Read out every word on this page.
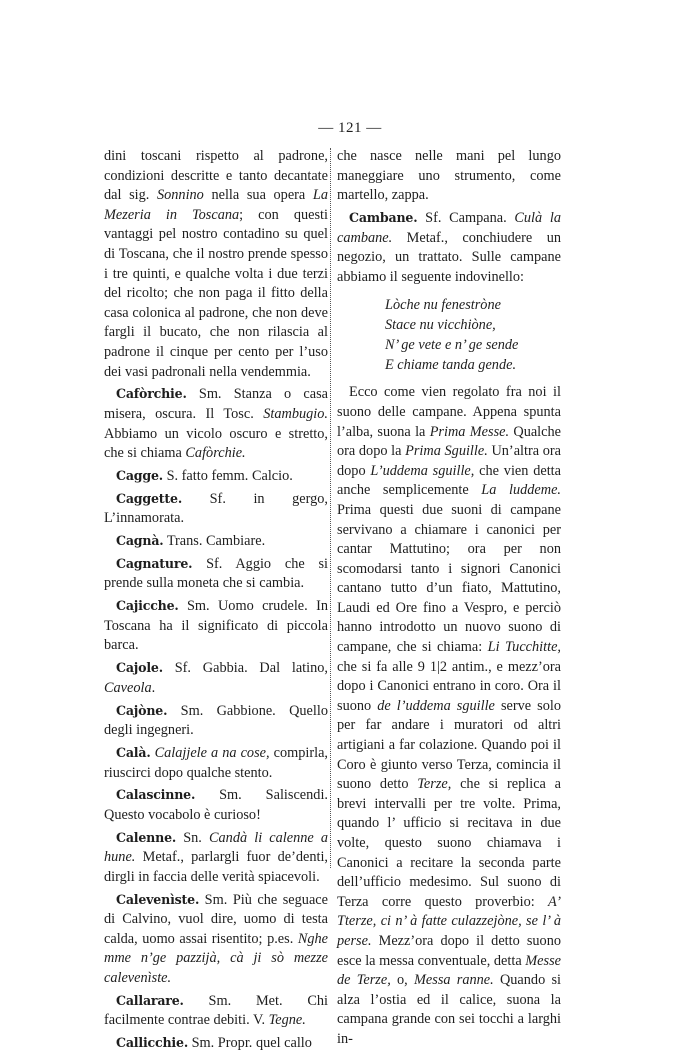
— 121 —

dini toscani rispetto al padrone, condizioni descritte e tanto decantate dal sig. Sonnino nella sua opera La Mezeria in Toscana; con questi vantaggi pel nostro contadino su quel di Toscana, che il nostro prende spesso i tre quinti, e qualche volta i due terzi del ricolto; che non paga il fitto della casa colonica al padrone, che non deve fargli il bucato, che non rilascia al padrone il cinque per cento per l’uso dei vasi padronali nella vendemmia.

Cafòrchie. Sm. Stanza o casa misera, oscura. Il Tosc. Stambugio. Abbiamo un vicolo oscuro e stretto, che si chiama Cafòrchie.

Cagge. S. fatto femm. Calcio.

Caggette. Sf. in gergo, L’innamorata.

Cagnà. Trans. Cambiare.

Cagnature. Sf. Aggio che si prende sulla moneta che si cambia.

Cajicche. Sm. Uomo crudele. In Toscana ha il significato di piccola barca.

Cajole. Sf. Gabbia. Dal latino, Caveola.

Cajòne. Sm. Gabbione. Quello degli ingegneri.

Calà. Calajjele a na cose, compirla, riuscirci dopo qualche stento.

Calascinne. Sm. Saliscendi. Questo vocabolo è curioso!

Calenne. Sn. Candà li calenne a hune. Metaf., parlargli fuor de’denti, dirgli in faccia delle verità spiacevoli.

Calevenìste. Sm. Più che seguace di Calvino, vuol dire, uomo di testa calda, uomo assai risentito; p.es. Nghe mme n’ge pazzijà, cà ji sò mezze calevenìste.

Callarare. Sm. Met. Chi facilmente contrae debiti. V. Tegne.

Callicchie. Sm. Propr. quel callo

che nasce nelle mani pel lungo maneggiare uno strumento, come martello, zappa.

Cambane. Sf. Campana. Culà la cambane. Metaf., conchiudere un negozio, un trattato. Sulle campane abbiamo il seguente indovinello:

Lòche nu fenestròne
Stace nu vicchiòne,
N’ ge vete e n’ ge sende
E chiame tanda gende.

Ecco come vien regolato fra noi il suono delle campane. Appena spunta l’alba, suona la Prima Messe. Qualche ora dopo la Prima Sguille. Un’altra ora dopo L’uddema sguille, che vien detta anche semplicemente La luddeme. Prima questi due suoni di campane servivano a chiamare i canonici per cantar Mattutino; ora per non scomodarsi tanto i signori Canonici cantano tutto d’un fiato, Mattutino, Laudi ed Ore fino a Vespro, e perciò hanno introdotto un nuovo suono di campane, che si chiama: Li Tucchitte, che si fa alle 9 1|2 antim., e mezz’ora dopo i Canonici entrano in coro. Ora il suono de l’uddema sguille serve solo per far andare i muratori od altri artigiani a far colazione. Quando poi il Coro è giunto verso Terza, comincia il suono detto Terze, che si replica a brevi intervalli per tre volte. Prima, quando l’ ufficio si recitava in due volte, questo suono chiamava i Canonici a recitare la seconda parte dell’ufficio medesimo. Sul suono di Terza corre questo proverbio: A’ Tterze, ci n’ à fatte culazzejòne, se l’ à perse. Mezz’ora dopo il detto suono esce la messa conventuale, detta Messe de Terze, o, Messa ranne. Quando si alza l’ostia ed il calice, suona la campana grande con sei tocchi a larghi in-
